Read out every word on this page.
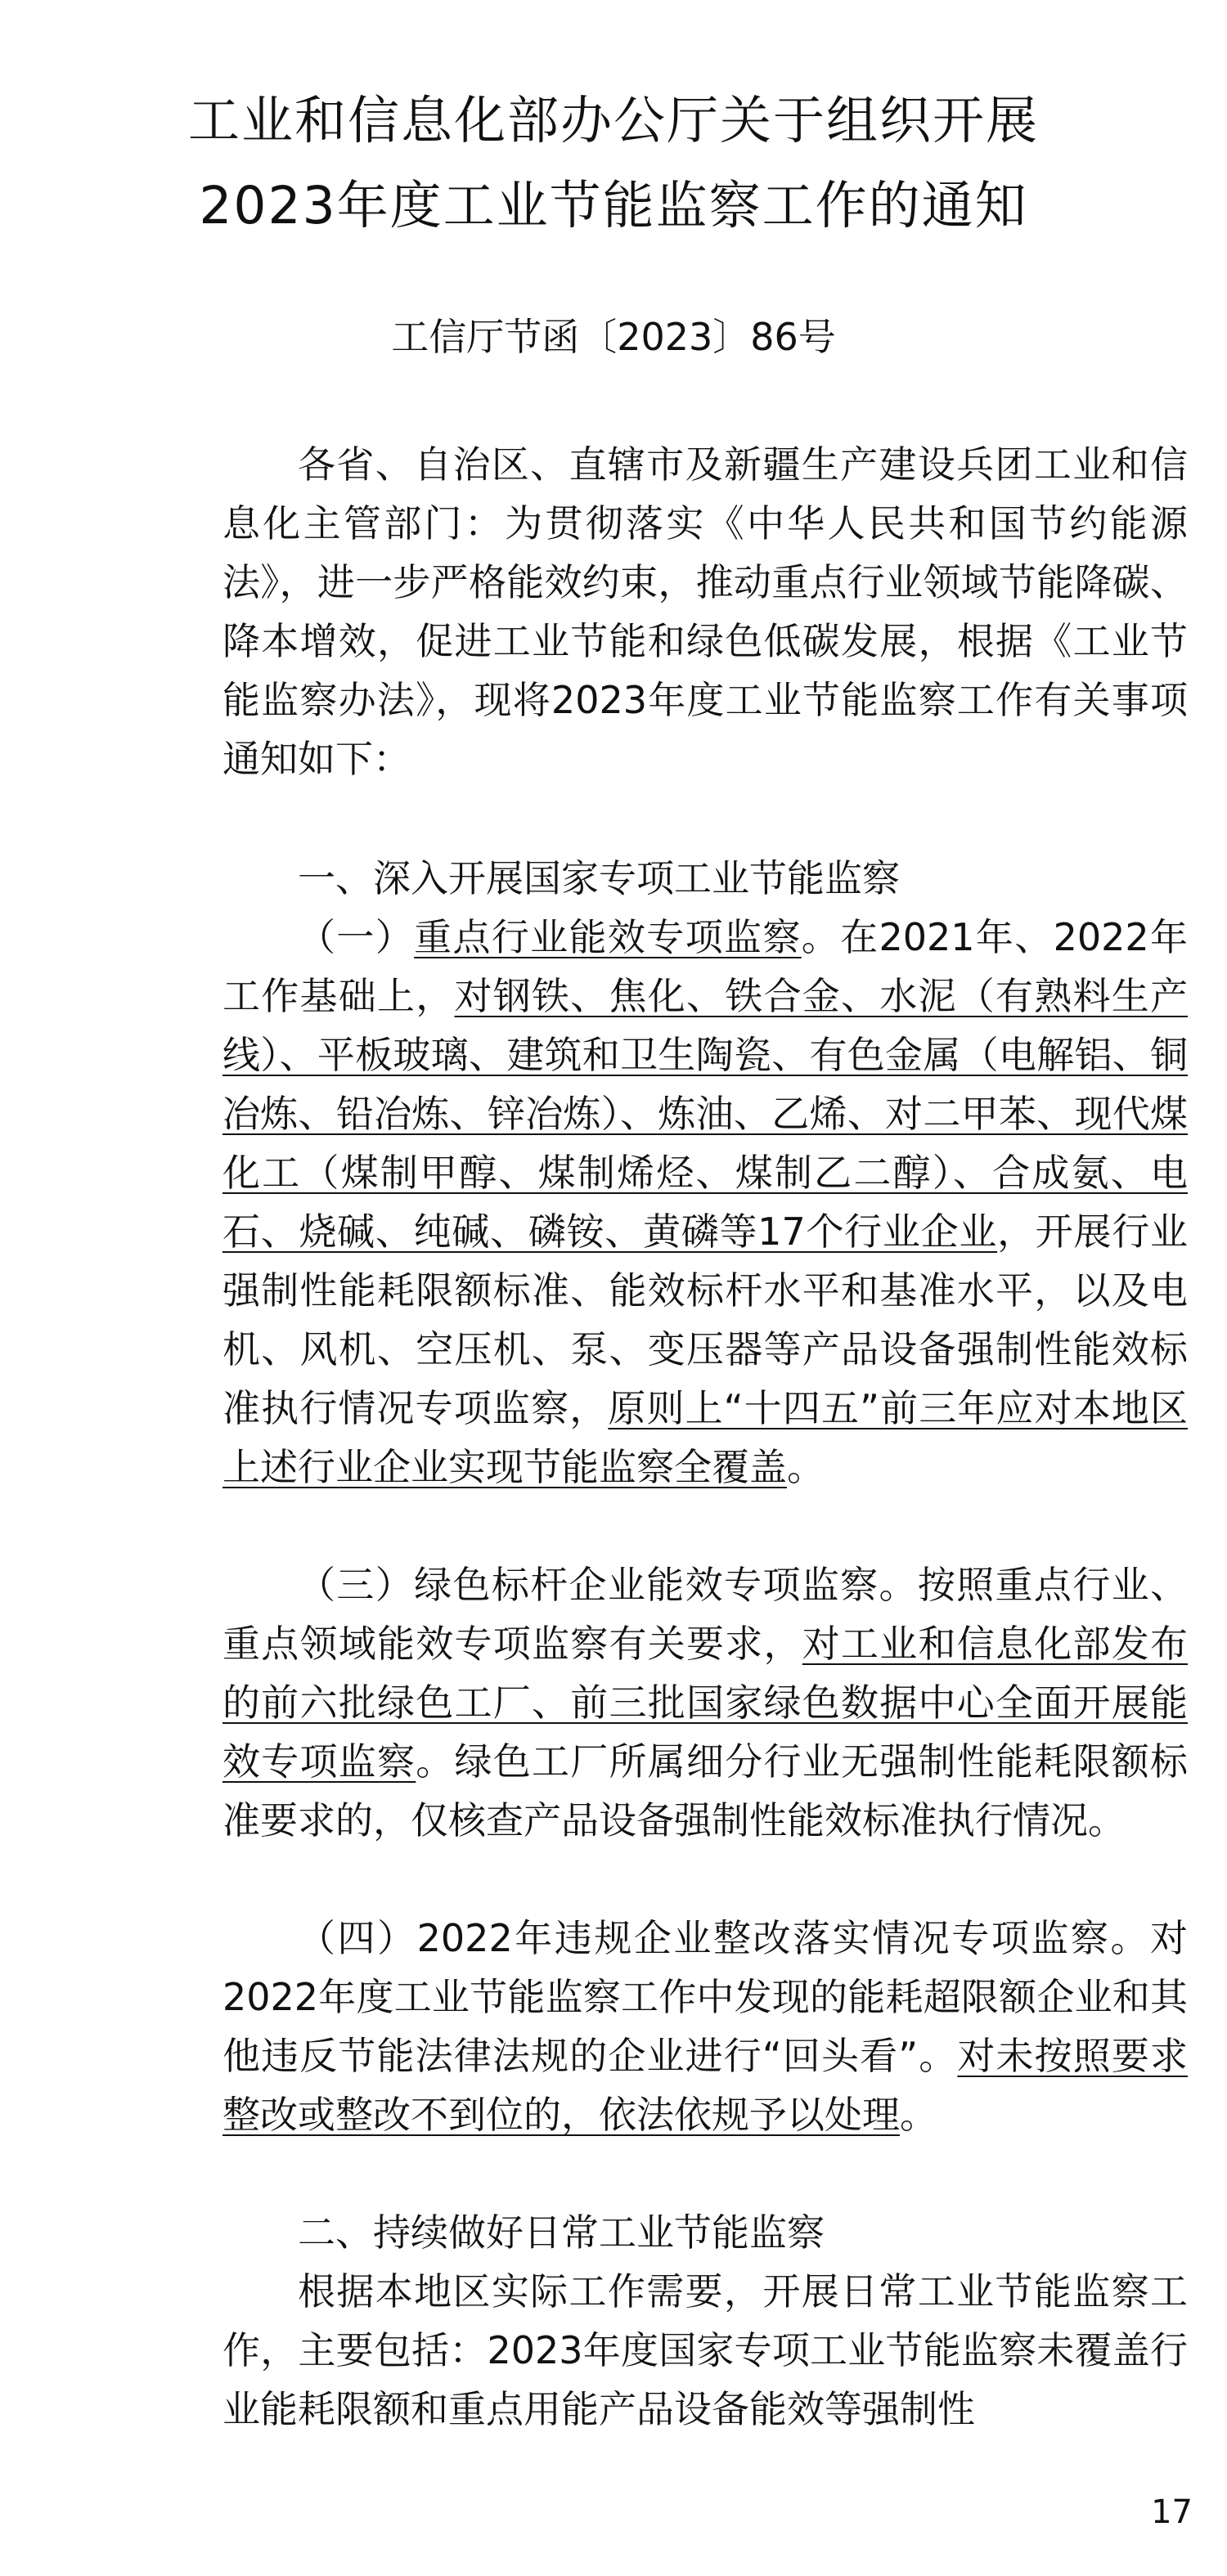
工业和信息化部办公厅关于组织开展
2023年度工业节能监察工作的通知
工信厅节函〔2023〕86号

各省、自治区、直辖市及新疆生产建设兵团工业和信息化主管部门：为贯彻落实《中华人民共和国节约能源法》，进一步严格能效约束，推动重点行业领域节能降碳、降本增效，促进工业节能和绿色低碳发展，根据《工业节能监察办法》，现将2023年度工业节能监察工作有关事项通知如下：

一、深入开展国家专项工业节能监察

（一）重点行业能效专项监察。在2021年、2022年工作基础上，对钢铁、焦化、铁合金、水泥（有熟料生产线）、平板玻璃、建筑和卫生陶瓷、有色金属（电解铝、铜冶炼、铅冶炼、锌冶炼）、炼油、乙烯、对二甲苯、现代煤化工（煤制甲醇、煤制烯烃、煤制乙二醇）、合成氨、电石、烧碱、纯碱、磷铵、黄磷等17个行业企业，开展行业强制性能耗限额标准、能效标杆水平和基准水平，以及电机、风机、空压机、泵、变压器等产品设备强制性能效标准执行情况专项监察，原则上“十四五”前三年应对本地区上述行业企业实现节能监察全覆盖。

（三）绿色标杆企业能效专项监察。按照重点行业、重点领域能效专项监察有关要求，对工业和信息化部发布的前六批绿色工厂、前三批国家绿色数据中心全面开展能效专项监察。绿色工厂所属细分行业无强制性能耗限额标准要求的，仅核查产品设备强制性能效标准执行情况。

（四）2022年违规企业整改落实情况专项监察。对2022年度工业节能监察工作中发现的能耗超限额企业和其他违反节能法律法规的企业进行“回头看”。对未按照要求整改或整改不到位的，依法依规予以处理。

二、持续做好日常工业节能监察

根据本地区实际工作需要，开展日常工业节能监察工作，主要包括：2023年度国家专项工业节能监察未覆盖行业能耗限额和重点用能产品设备能效等强制性

17
